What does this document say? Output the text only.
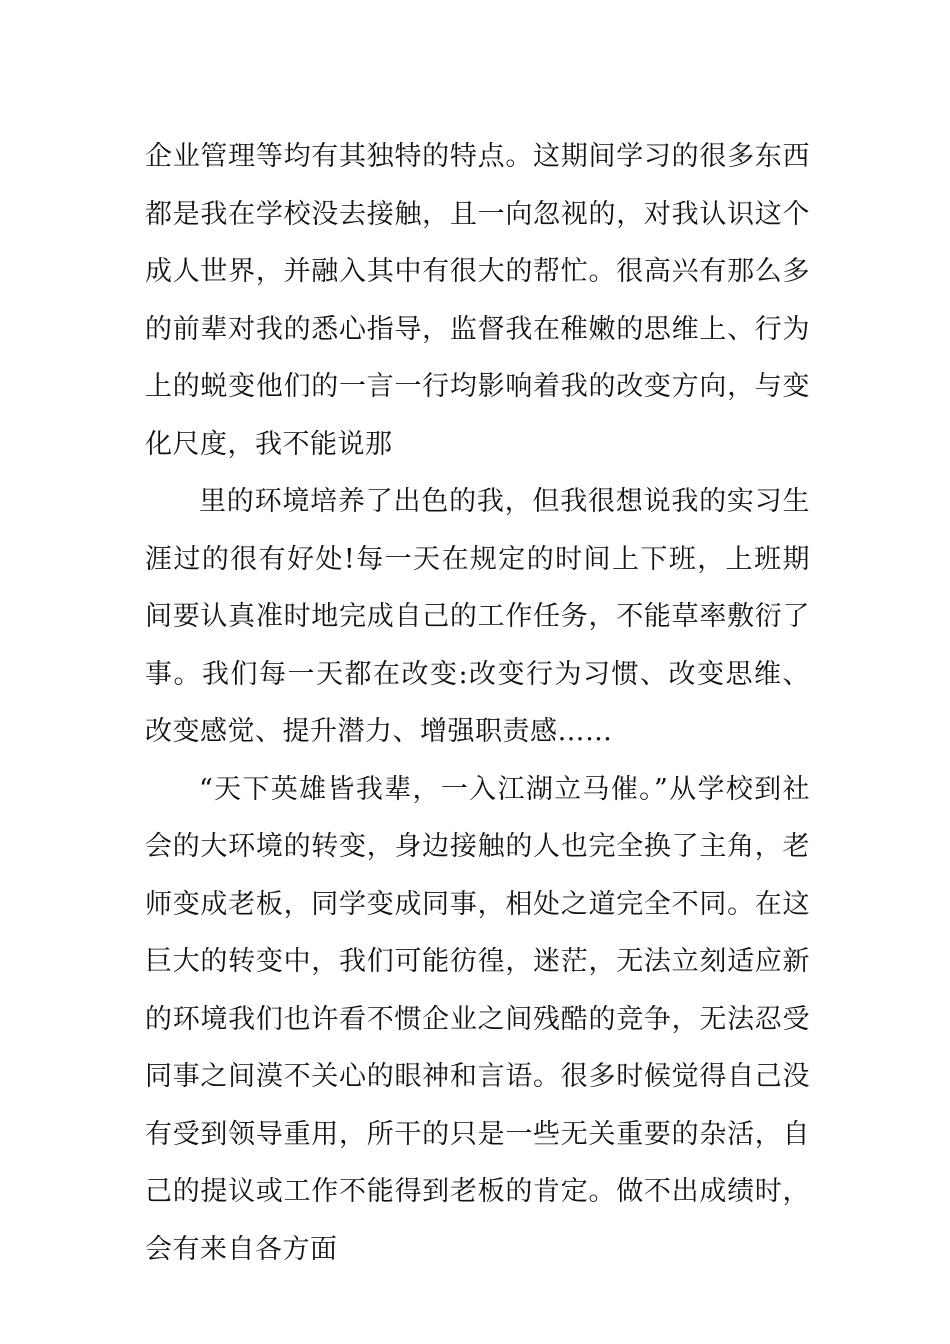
企业管理等均有其独特的特点。这期间学习的很多东西都是我在学校没去接触，且一向忽视的，对我认识这个成人世界，并融入其中有很大的帮忙。很高兴有那么多的前辈对我的悉心指导，监督我在稚嫩的思维上、行为上的蜕变他们的一言一行均影响着我的改变方向，与变化尺度，我不能说那

里的环境培养了出色的我，但我很想说我的实习生涯过的很有好处!每一天在规定的时间上下班，上班期间要认真准时地完成自己的工作任务，不能草率敷衍了事。我们每一天都在改变:改变行为习惯、改变思维、改变感觉、提升潜力、增强职责感……

“天下英雄皆我辈，一入江湖立马催。”从学校到社会的大环境的转变，身边接触的人也完全换了主角，老师变成老板，同学变成同事，相处之道完全不同。在这巨大的转变中，我们可能彷徨，迷茫，无法立刻适应新的环境我们也许看不惯企业之间残酷的竞争，无法忍受同事之间漠不关心的眼神和言语。很多时候觉得自己没有受到领导重用，所干的只是一些无关重要的杂活，自己的提议或工作不能得到老板的肯定。做不出成绩时，会有来自各方面
